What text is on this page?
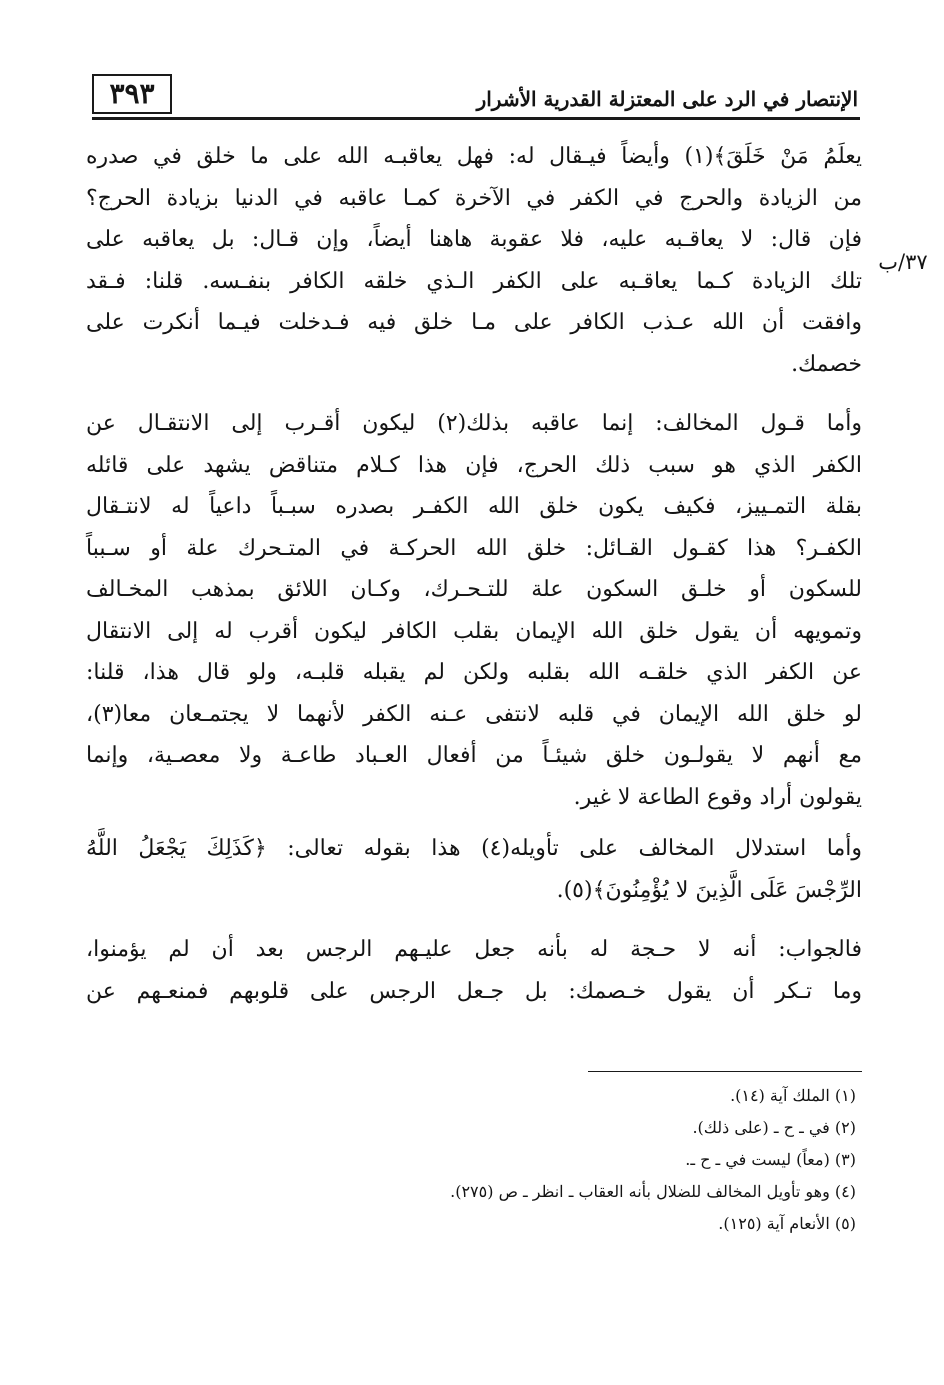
٣٩٣	الإنتصار في الرد على المعتزلة القدرية الأشرار
٣٧/ب
يعلَمُ مَنْ خَلَقَ﴾(١) وأيضاً فيـقال له: فهل يعاقبـه الله على ما خلق في صدره
من الزيادة والحرج في الكفر في الآخرة كمـا عاقبه في الدنيا بزيادة الحرج؟
فإن قال: لا يعاقـبه عليه، فلا عقوبة هاهنا أيضاً، وإن قـال: بل يعاقبه على
تلك الزيادة كـما يعاقـبه على الكفر الـذي خلقه الكافر بنفـسه. قلنا: فـقد
وافقت أن الله عـذب الكافر على مـا خلق فيه فـدخلت فيـما أنكرت على
خصمك.
وأما قـول المخالف: إنما عاقبه بذلك(٢) ليكون أقـرب إلى الانتقـال عن
الكفر الذي هو سبب ذلك الحرج، فإن هذا كـلام متناقض يشهد على قائله
بقلة التمـييز، فكيف يكون خلق الله الكفـر بصدره سبـباً داعياً له لانتـقال
الكفـر؟ هذا كقـول القـائل: خلق الله الحركـة في المتـحرك علة أو سـبباً
للسكون أو خلـق السكون علة للتـحـرك، وكـان اللائق بمذهب المخـالف
وتمويهه أن يقول خلق الله الإيمان بقلب الكافر ليكون أقرب له إلى الانتقال
عن الكفر الذي خلقـه الله بقلبه ولكن لم يقبله قلبـه، ولو قال هذا، قلنا:
لو خلق الله الإيمان في قلبه لانتفى عـنه الكفر لأنهما لا يجتمـعان معا(٣)،
مع أنهم لا يقولـون خلق شيئـاً من أفعال العـباد طاعـة ولا معصـية، وإنما
يقولون أراد وقوع الطاعة لا غير.
وأما استدلال المخالف على تأويله(٤) هذا بقوله تعالى: ﴿كَذَلِكَ يَجْعَلُ اللَّهُ
الرِّجْسَ عَلَى الَّذِينَ لا يُؤْمِنُونَ﴾(٥).
فالجواب: أنه لا حـجة له بأنه جعل عليـهم الرجس بعد أن لم يؤمنوا،
وما تـكر أن يقول خـصمك: بل جـعل الرجس على قلوبهم فمنعـهم عن
(١) الملك آية (١٤).
(٢) في ـ ح ـ (على ذلك).
(٣) (معاً) ليست في ـ ح ـ.
(٤) وهو تأويل المخالف للضلال بأنه العقاب ـ انظر ـ ص (٢٧٥).
(٥) الأنعام آية (١٢٥).
